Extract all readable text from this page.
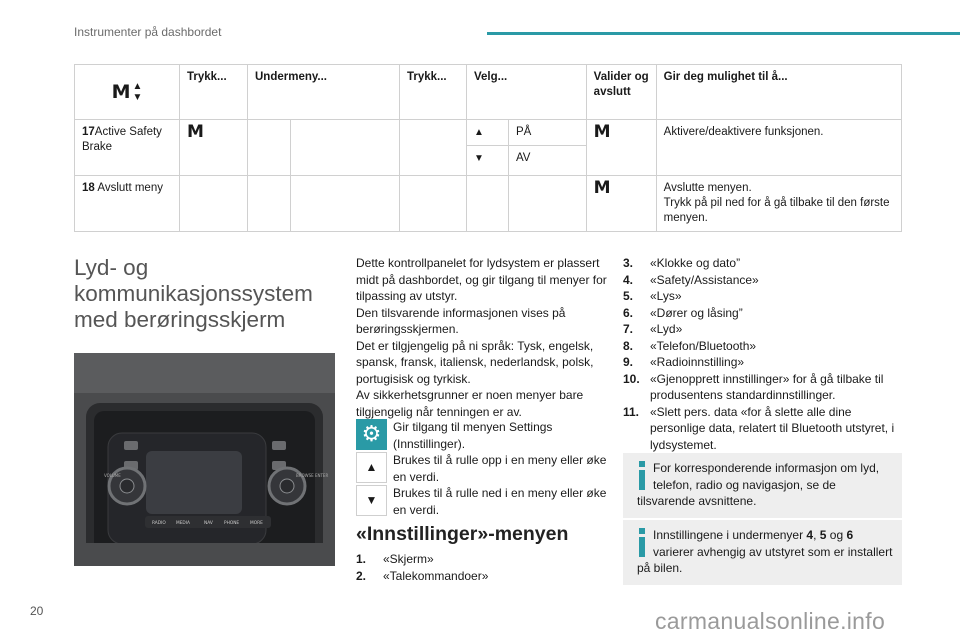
Instrumenter på dashbordet
M ▲
▼	Trykk...	Undermeny...		Trykk...	Velg...		Valider og avslutt	Gir deg mulighet til å...
17Active Safety Brake	M				▲	PÅ	M	Aktivere/deaktivere funksjonen.
					▼	AV		
18 Avslutt meny							M	Avslutte menyen.
Trykk på pil ned for å gå tilbake til den første menyen.
Lyd- og kommunikasjonssystem med berøringsskjerm
VOLUME	BROWSE ENTER
RADIO MEDIA	NAV	PHONE	MORE

Dette kontrollpanelet for lydsystem er plassert midt på dashbordet, og gir tilgang til menyer for tilpassing av utstyr.

Den tilsvarende informasjonen vises på berøringsskjermen.

Det er tilgjengelig på ni språk: Tysk, engelsk, spansk, fransk, italiensk, nederlandsk, polsk, portugisisk og tyrkisk.

Av sikkerhetsgrunner er noen menyer bare tilgjengelig når tenningen er av.

⚙ Gir tilgang til menyen Settings (Innstillinger).
▲
Brukes til å rulle opp i en meny eller øke en verdi.
▼
Brukes til å rulle ned i en meny eller øke en verdi.
«Innstillinger»-menyen
1.	«Skjerm»
2.	«Talekommandoer»
3.	«Klokke og dato”
4.	«Safety/Assistance»
5.	«Lys»
6.	«Dører og låsing”
7.	«Lyd»
8.	«Telefon/Bluetooth»
9.	«Radioinnstilling»
10. «Gjenopprett innstillinger» for å gå tilbake til produsentens standardinnstillinger.
11. «Slett pers. data «for å slette alle dine personlige data, relatert til Bluetooth utstyret, i lydsystemet.
For korresponderende informasjon om lyd, telefon, radio og navigasjon, se de tilsvarende avsnittene.
Innstillingene i undermenyer 4, 5 og 6 varierer avhengig av utstyret som er installert på bilen.
20	carmanualsonline.info
